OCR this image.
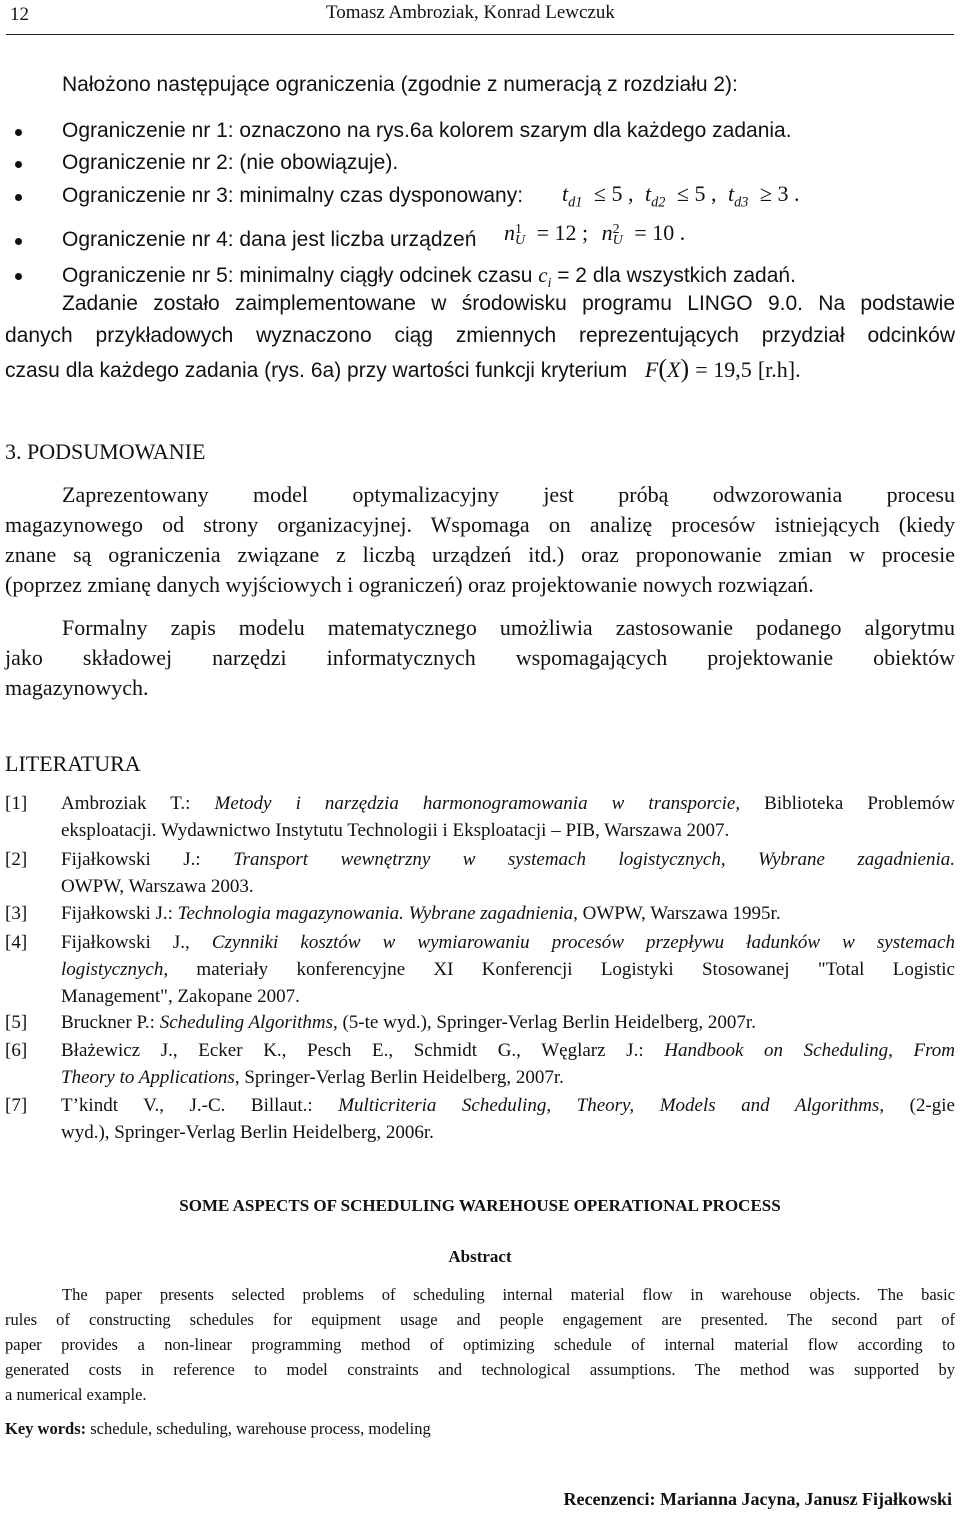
12	Tomasz Ambroziak, Konrad Lewczuk
Nałożono następujące ograniczenia (zgodnie z numeracją z rozdziału 2):
Ograniczenie nr 1: oznaczono na rys.6a kolorem szarym dla każdego zadania.
Ograniczenie nr 2: (nie obowiązuje).
Ograniczenie nr 3: minimalny czas dysponowany: $t_{d1} \le 5$ , $t_{d2} \le 5$ , $t_{d3} \ge 3$ .
Ograniczenie nr 4: dana jest liczba urządzeń n 1
U = 12 ; n 2
U = 10 .
Ograniczenie nr 5: minimalny ciągły odcinek czasu $c_i = 2$ dla wszystkich zadań.
Zadanie zostało zaimplementowane w środowisku programu LINGO 9.0. Na podstawie
danych przykładowych wyznaczono ciąg zmiennych reprezentujących przydział odcinków
czasu dla każdego zadania (rys. 6a) przy wartości funkcji kryterium F(X) = 19,5 [r.h].
3. PODSUMOWANIE
Zaprezentowany model optymalizacyjny jest próbą odwzorowania procesu
magazynowego od strony organizacyjnej. Wspomaga on analizę procesów istniejących (kiedy
znane są ograniczenia związane z liczbą urządzeń itd.) oraz proponowanie zmian w procesie
(poprzez zmianę danych wyjściowych i ograniczeń) oraz projektowanie nowych rozwiązań.
Formalny zapis modelu matematycznego umożliwia zastosowanie podanego algorytmu
jako składowej narzędzi informatycznych wspomagających projektowanie obiektów
magazynowych.
LITERATURA
[1] Ambroziak T.: Metody i narzędzia harmonogramowania w transporcie, Biblioteka Problemów
eksploatacji. Wydawnictwo Instytutu Technologii i Eksploatacji – PIB, Warszawa 2007.
[2] Fijałkowski J.: Transport wewnętrzny w systemach logistycznych, Wybrane zagadnienia.
OWPW, Warszawa 2003.
[3] Fijałkowski J.: Technologia magazynowania. Wybrane zagadnienia, OWPW, Warszawa 1995r.
[4] Fijałkowski J., Czynniki kosztów w wymiarowaniu procesów przepływu ładunków w systemach
logistycznych, materiały konferencyjne XI Konferencji Logistyki Stosowanej "Total Logistic
Management", Zakopane 2007.
[5] Bruckner P.: Scheduling Algorithms, (5-te wyd.), Springer-Verlag Berlin Heidelberg, 2007r.
[6] Błażewicz J., Ecker K., Pesch E., Schmidt G., Węglarz J.: Handbook on Scheduling, From
Theory to Applications, Springer-Verlag Berlin Heidelberg, 2007r.
[7] T’kindt V., J.-C. Billaut.: Multicriteria Scheduling, Theory, Models and Algorithms, (2-gie
wyd.), Springer-Verlag Berlin Heidelberg, 2006r.
SOME ASPECTS OF SCHEDULING WAREHOUSE OPERATIONAL PROCESS
Abstract
The paper presents selected problems of scheduling internal material flow in warehouse objects. The basic
rules of constructing schedules for equipment usage and people engagement are presented. The second part of
paper provides a non-linear programming method of optimizing schedule of internal material flow according to
generated costs in reference to model constraints and technological assumptions. The method was supported by
a numerical example.
Key words: schedule, scheduling, warehouse process, modeling
Recenzenci: Marianna Jacyna, Janusz Fijałkowski
